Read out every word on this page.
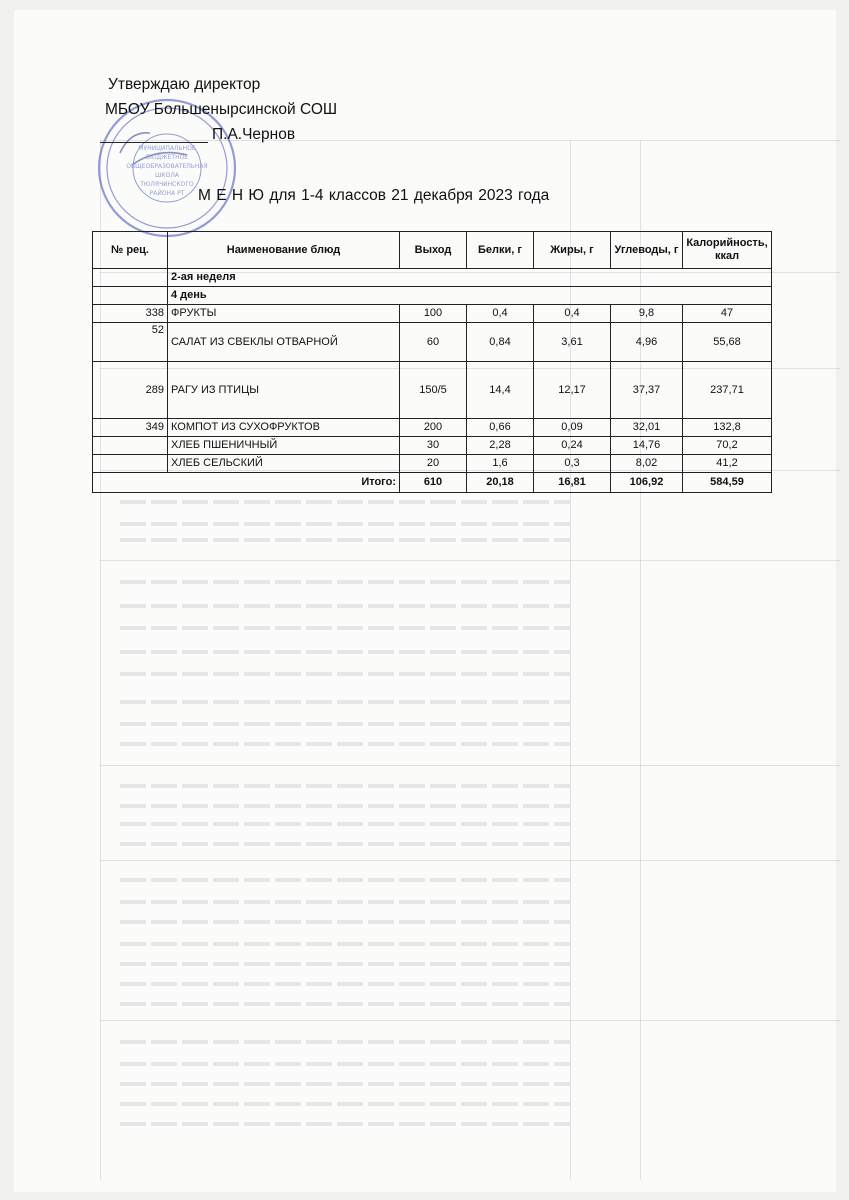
МУНИЦИПАЛЬНОЕ
БЮДЖЕТНОЕ
ОБЩЕОБРАЗОВАТЕЛЬНАЯ
ШКОЛА
ТЮЛЯЧИНСКОГО
РАЙОНА РТ
Утверждаю директор
МБОУ Большенырсинской СОШ
П.А.Чернов
М Е Н Ю для 1-4 классов 21 декабря 2023 года
№ рец.	Наименование блюд	Выход	Белки, г	Жиры, г	Углеводы, г	Калорийность, ккал
	2-ая неделя					
	4 день					
338	ФРУКТЫ	100	0,4	0,4	9,8	47
52	САЛАТ ИЗ СВЕКЛЫ ОТВАРНОЙ	60	0,84	3,61	4,96	55,68
289	РАГУ ИЗ ПТИЦЫ	150/5	14,4	12,17	37,37	237,71
349	КОМПОТ ИЗ СУХОФРУКТОВ	200	0,66	0,09	32,01	132,8
	ХЛЕБ ПШЕНИЧНЫЙ	30	2,28	0,24	14,76	70,2
	ХЛЕБ СЕЛЬСКИЙ	20	1,6	0,3	8,02	41,2
Итого:		610	20,18	16,81	106,92	584,59
